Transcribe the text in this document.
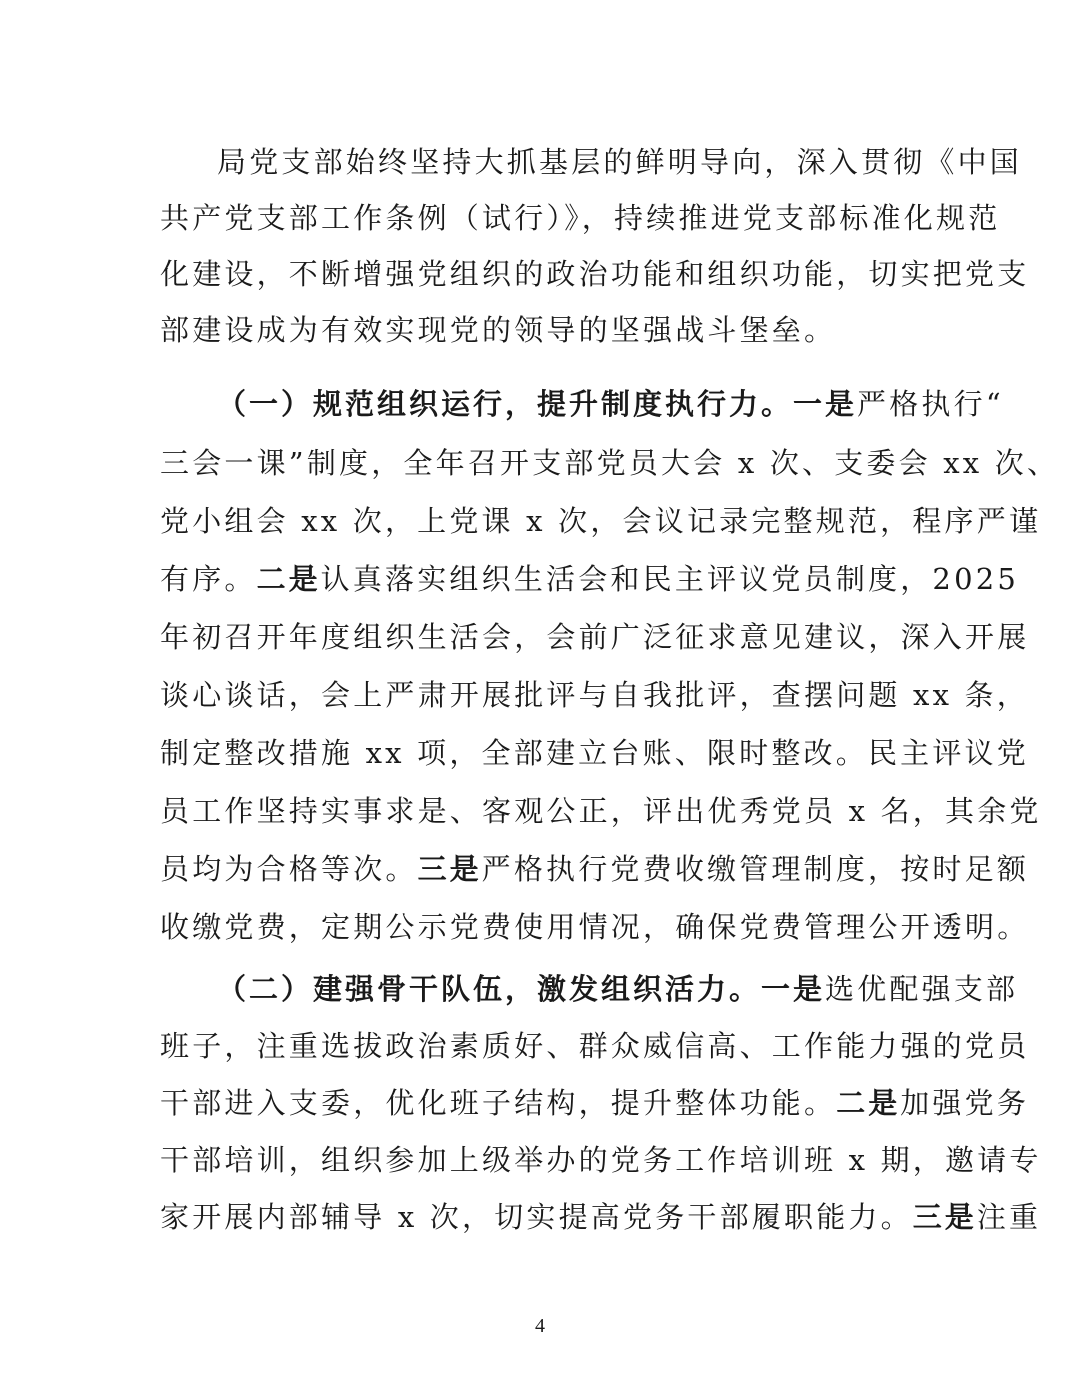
局党支部始终坚持大抓基层的鲜明导向，深入贯彻《中国
共产党支部工作条例（试行）》，持续推进党支部标准化规范
化建设，不断增强党组织的政治功能和组织功能，切实把党支
部建设成为有效实现党的领导的坚强战斗堡垒。
（一）规范组织运行，提升制度执行力。一是严格执行“
三会一课”制度，全年召开支部党员大会 x 次、支委会 xx 次、
党小组会 xx 次，上党课 x 次，会议记录完整规范，程序严谨
有序。二是认真落实组织生活会和民主评议党员制度，2025
年初召开年度组织生活会，会前广泛征求意见建议，深入开展
谈心谈话，会上严肃开展批评与自我批评，查摆问题 xx 条，
制定整改措施 xx 项，全部建立台账、限时整改。民主评议党
员工作坚持实事求是、客观公正，评出优秀党员 x 名，其余党
员均为合格等次。三是严格执行党费收缴管理制度，按时足额
收缴党费，定期公示党费使用情况，确保党费管理公开透明。
（二）建强骨干队伍，激发组织活力。一是选优配强支部
班子，注重选拔政治素质好、群众威信高、工作能力强的党员
干部进入支委，优化班子结构，提升整体功能。二是加强党务
干部培训，组织参加上级举办的党务工作培训班 x 期，邀请专
家开展内部辅导 x 次，切实提高党务干部履职能力。三是注重
4
